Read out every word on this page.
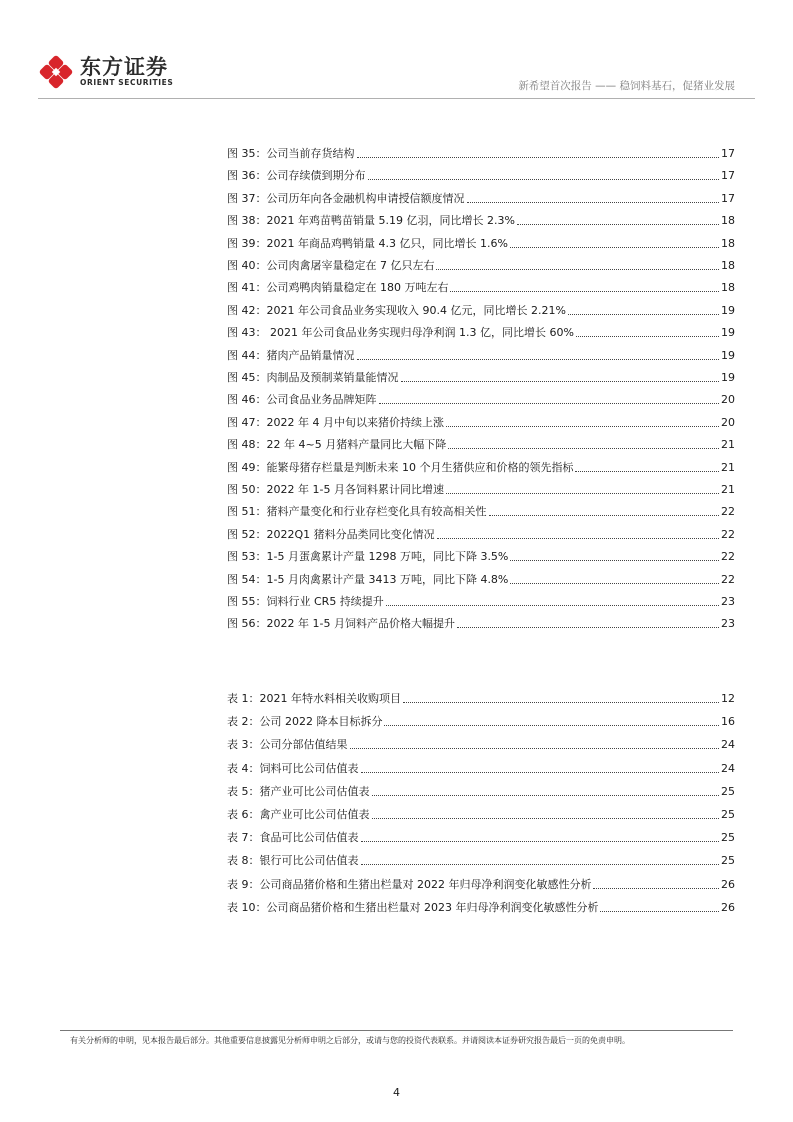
东方证券
ORIENT SECURITIES	新希望首次报告 —— 稳饲料基石，促猪业发展
图 35：公司当前存货结构	17
图 36：公司存续债到期分布	17
图 37：公司历年向各金融机构申请授信额度情况	17
图 38：2021 年鸡苗鸭苗销量 5.19 亿羽，同比增长 2.3%	18
图 39：2021 年商品鸡鸭销量 4.3 亿只，同比增长 1.6%	18
图 40：公司肉禽屠宰量稳定在 7 亿只左右	18
图 41：公司鸡鸭肉销量稳定在 180 万吨左右	18
图 42：2021 年公司食品业务实现收入 90.4 亿元，同比增长 2.21%	19
图 43： 2021 年公司食品业务实现归母净利润 1.3 亿，同比增长 60%	19
图 44：猪肉产品销量情况	19
图 45：肉制品及预制菜销量能情况	19
图 46：公司食品业务品牌矩阵	20
图 47：2022 年 4 月中旬以来猪价持续上涨	20
图 48：22 年 4~5 月猪料产量同比大幅下降	21
图 49：能繁母猪存栏量是判断未来 10 个月生猪供应和价格的领先指标	21
图 50：2022 年 1-5 月各饲料累计同比增速	21
图 51：猪料产量变化和行业存栏变化具有较高相关性	22
图 52：2022Q1 猪料分品类同比变化情况	22
图 53：1-5 月蛋禽累计产量 1298 万吨，同比下降 3.5%	22
图 54：1-5 月肉禽累计产量 3413 万吨，同比下降 4.8%	22
图 55：饲料行业 CR5 持续提升	23
图 56：2022 年 1-5 月饲料产品价格大幅提升	23
表 1：2021 年特水料相关收购项目	12
表 2：公司 2022 降本目标拆分	16
表 3：公司分部估值结果	24
表 4：饲料可比公司估值表	24
表 5：猪产业可比公司估值表	25
表 6：禽产业可比公司估值表	25
表 7：食品可比公司估值表	25
表 8：银行可比公司估值表	25
表 9：公司商品猪价格和生猪出栏量对 2022 年归母净利润变化敏感性分析	26
表 10：公司商品猪价格和生猪出栏量对 2023 年归母净利润变化敏感性分析	26
有关分析师的申明，见本报告最后部分。其他重要信息披露见分析师申明之后部分，或请与您的投资代表联系。并请阅读本证券研究报告最后一页的免责申明。
4
